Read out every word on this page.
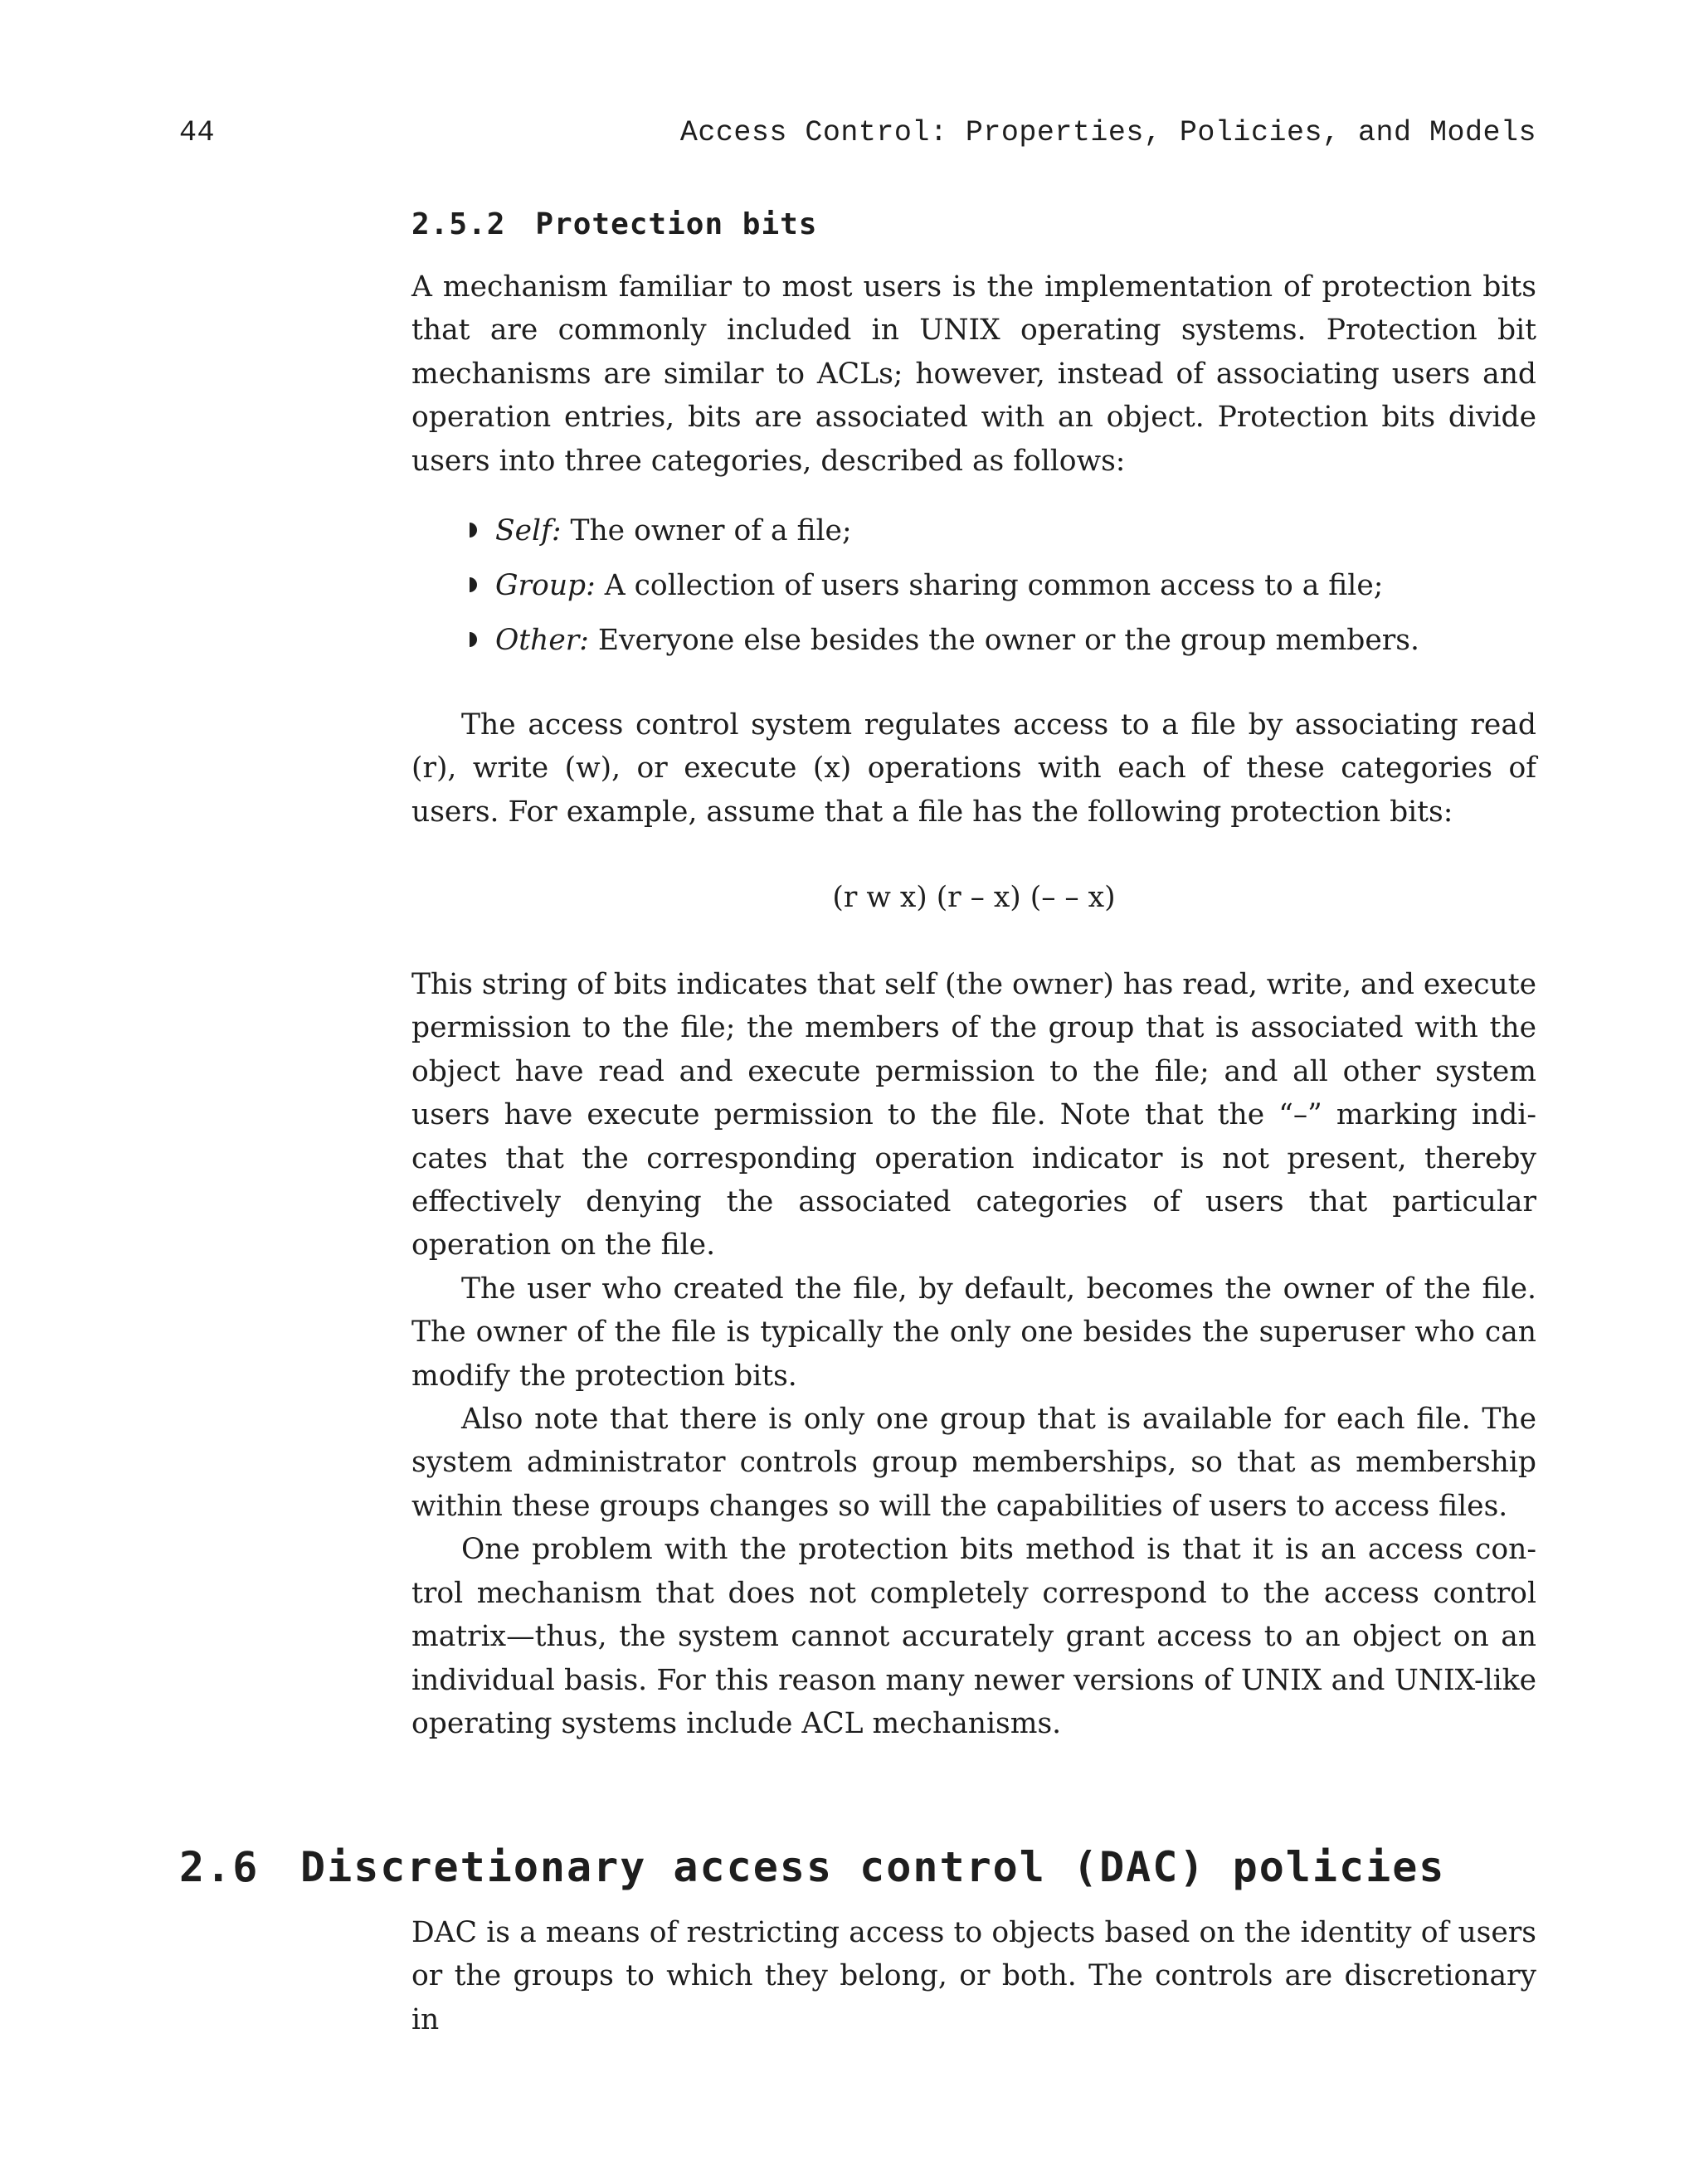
44	Access Control: Properties, Policies, and Models
2.5.2 Protection bits

A mechanism familiar to most users is the implementation of protection bits that are commonly included in UNIX operating systems. Protection bit mechanisms are similar to ACLs; however, instead of associating users and operation entries, bits are associated with an object. Protection bits divide users into three categories, described as follows:

Self: The owner of a file;
Group: A collection of users sharing common access to a file;
Other: Everyone else besides the owner or the group members.

The access control system regulates access to a file by associating read (r), write (w), or execute (x) operations with each of these categories of users. For example, assume that a file has the following protection bits:

(r w x) (r – x) (– – x)

This string of bits indicates that self (the owner) has read, write, and execute permission to the file; the members of the group that is associated with the object have read and execute permission to the file; and all other system users have execute permission to the file. Note that the “–” marking indicates that the corresponding operation indicator is not present, thereby effectively denying the associated categories of users that particular operation on the file.

The user who created the file, by default, becomes the owner of the file. The owner of the file is typically the only one besides the superuser who can modify the protection bits.

Also note that there is only one group that is available for each file. The system administrator controls group memberships, so that as membership within these groups changes so will the capabilities of users to access files.

One problem with the protection bits method is that it is an access control mechanism that does not completely correspond to the access control matrix—thus, the system cannot accurately grant access to an object on an individual basis. For this reason many newer versions of UNIX and UNIX-like operating systems include ACL mechanisms.

2.6 Discretionary access control (DAC) policies

DAC is a means of restricting access to objects based on the identity of users or the groups to which they belong, or both. The controls are discretionary in
